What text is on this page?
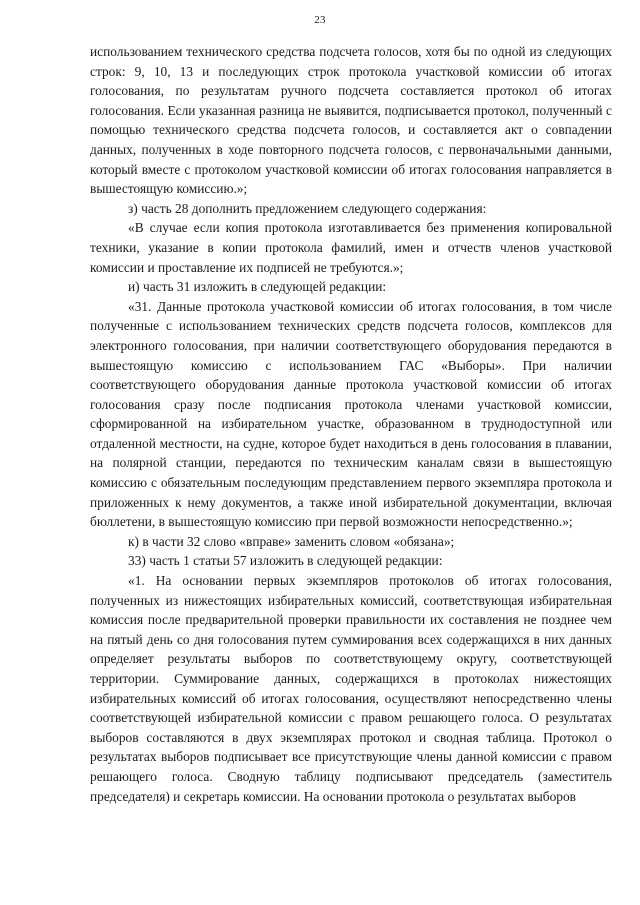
23

использованием технического средства подсчета голосов, хотя бы по одной из следующих строк: 9, 10, 13 и последующих строк протокола участковой комиссии об итогах голосования, по результатам ручного подсчета составляется протокол об итогах голосования. Если указанная разница не выявится, подписывается протокол, полученный с помощью технического средства подсчета голосов, и составляется акт о совпадении данных, полученных в ходе повторного подсчета голосов, с первоначальными данными, который вместе с протоколом участковой комиссии об итогах голосования направляется в вышестоящую комиссию.»;

з) часть 28 дополнить предложением следующего содержания:

«В случае если копия протокола изготавливается без применения копировальной техники, указание в копии протокола фамилий, имен и отчеств членов участковой комиссии и проставление их подписей не требуются.»;

и) часть 31 изложить в следующей редакции:

«31. Данные протокола участковой комиссии об итогах голосования, в том числе полученные с использованием технических средств подсчета голосов, комплексов для электронного голосования, при наличии соответствующего оборудования передаются в вышестоящую комиссию с использованием ГАС «Выборы». При наличии соответствующего оборудования данные протокола участковой комиссии об итогах голосования сразу после подписания протокола членами участковой комиссии, сформированной на избирательном участке, образованном в труднодоступной или отдаленной местности, на судне, которое будет находиться в день голосования в плавании, на полярной станции, передаются по техническим каналам связи в вышестоящую комиссию с обязательным последующим представлением первого экземпляра протокола и приложенных к нему документов, а также иной избирательной документации, включая бюллетени, в вышестоящую комиссию при первой возможности непосредственно.»;

к) в части 32 слово «вправе» заменить словом «обязана»;

33) часть 1 статьи 57 изложить в следующей редакции:

«1. На основании первых экземпляров протоколов об итогах голосования, полученных из нижестоящих избирательных комиссий, соответствующая избирательная комиссия после предварительной проверки правильности их составления не позднее чем на пятый день со дня голосования путем суммирования всех содержащихся в них данных определяет результаты выборов по соответствующему округу, соответствующей территории. Суммирование данных, содержащихся в протоколах нижестоящих избирательных комиссий об итогах голосования, осуществляют непосредственно члены соответствующей избирательной комиссии с правом решающего голоса. О результатах выборов составляются в двух экземплярах протокол и сводная таблица. Протокол о результатах выборов подписывает все присутствующие члены данной комиссии с правом решающего голоса. Сводную таблицу подписывают председатель (заместитель председателя) и секретарь комиссии. На основании протокола о результатах выборов
